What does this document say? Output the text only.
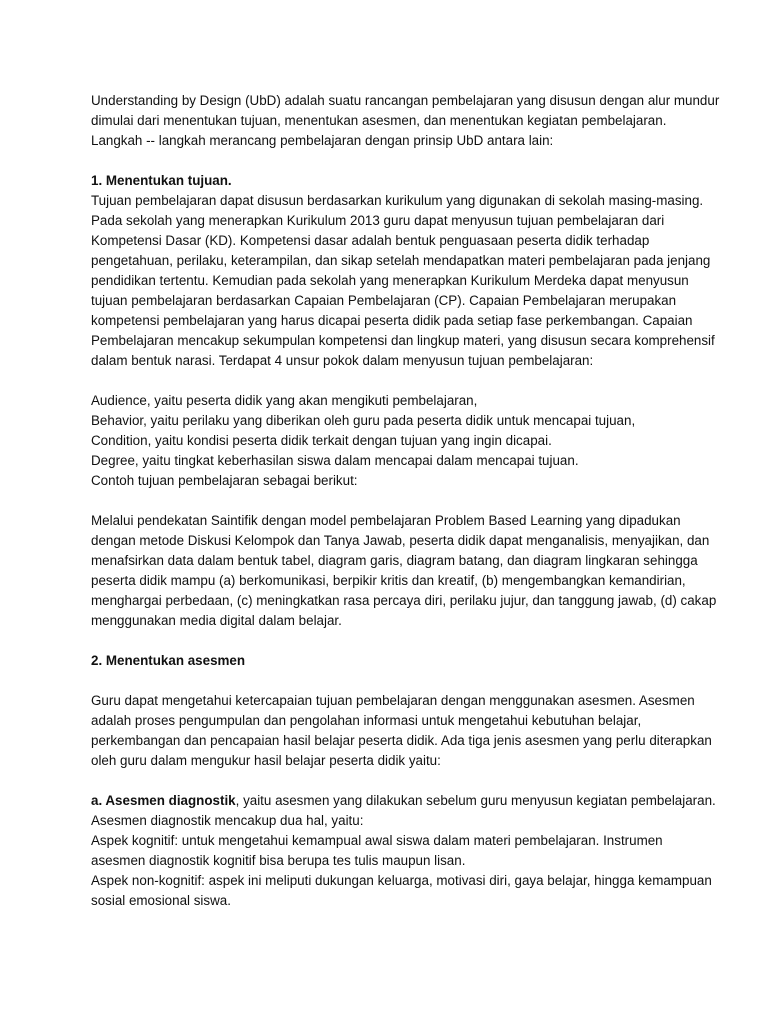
Understanding by Design (UbD) adalah suatu rancangan pembelajaran yang disusun dengan alur mundur
dimulai dari menentukan tujuan, menentukan asesmen, dan menentukan kegiatan pembelajaran.
Langkah -- langkah merancang pembelajaran dengan prinsip UbD antara lain:
1. Menentukan tujuan.
Tujuan pembelajaran dapat disusun berdasarkan kurikulum yang digunakan di sekolah masing-masing.
Pada sekolah yang menerapkan Kurikulum 2013 guru dapat menyusun tujuan pembelajaran dari
Kompetensi Dasar (KD). Kompetensi dasar adalah bentuk penguasaan peserta didik terhadap
pengetahuan, perilaku, keterampilan, dan sikap setelah mendapatkan materi pembelajaran pada jenjang
pendidikan tertentu. Kemudian pada sekolah yang menerapkan Kurikulum Merdeka dapat menyusun
tujuan pembelajaran berdasarkan Capaian Pembelajaran (CP). Capaian Pembelajaran merupakan
kompetensi pembelajaran yang harus dicapai peserta didik pada setiap fase perkembangan. Capaian
Pembelajaran mencakup sekumpulan kompetensi dan lingkup materi, yang disusun secara komprehensif
dalam bentuk narasi. Terdapat 4 unsur pokok dalam menyusun tujuan pembelajaran:
Audience, yaitu peserta didik yang akan mengikuti pembelajaran,
Behavior, yaitu perilaku yang diberikan oleh guru pada peserta didik untuk mencapai tujuan,
Condition, yaitu kondisi peserta didik terkait dengan tujuan yang ingin dicapai.
Degree, yaitu tingkat keberhasilan siswa dalam mencapai dalam mencapai tujuan.
Contoh tujuan pembelajaran sebagai berikut:
Melalui pendekatan Saintifik dengan model pembelajaran Problem Based Learning yang dipadukan
dengan metode Diskusi Kelompok dan Tanya Jawab, peserta didik dapat menganalisis, menyajikan, dan
menafsirkan data dalam bentuk tabel, diagram garis, diagram batang, dan diagram lingkaran sehingga
peserta didik mampu (a) berkomunikasi, berpikir kritis dan kreatif, (b) mengembangkan kemandirian,
menghargai perbedaan, (c) meningkatkan rasa percaya diri, perilaku jujur, dan tanggung jawab, (d) cakap
menggunakan media digital dalam belajar.
2. Menentukan asesmen
Guru dapat mengetahui ketercapaian tujuan pembelajaran dengan menggunakan asesmen. Asesmen
adalah proses pengumpulan dan pengolahan informasi untuk mengetahui kebutuhan belajar,
perkembangan dan pencapaian hasil belajar peserta didik. Ada tiga jenis asesmen yang perlu diterapkan
oleh guru dalam mengukur hasil belajar peserta didik yaitu:
a. Asesmen diagnostik, yaitu asesmen yang dilakukan sebelum guru menyusun kegiatan pembelajaran.
Asesmen diagnostik mencakup dua hal, yaitu:
Aspek kognitif: untuk mengetahui kemampual awal siswa dalam materi pembelajaran. Instrumen
asesmen diagnostik kognitif bisa berupa tes tulis maupun lisan.
Aspek non-kognitif: aspek ini meliputi dukungan keluarga, motivasi diri, gaya belajar, hingga kemampuan
sosial emosional siswa.
